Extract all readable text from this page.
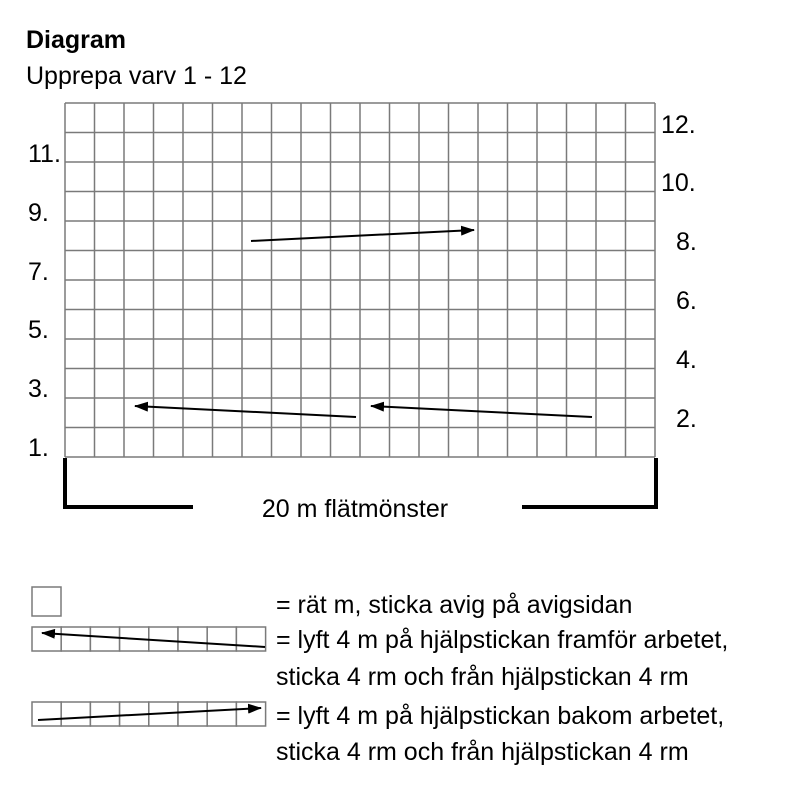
Diagram
Upprepa varv 1 - 12
12.
10.
8.
6.
4.
2.
11.
9.
7.
5.
3.
1.
20 m flätmönster
= rät m, sticka avig på avigsidan
= lyft 4 m på hjälpstickan framför arbetet,
sticka 4 rm och från hjälpstickan 4 rm
= lyft 4 m på hjälpstickan bakom arbetet,
sticka 4 rm och från hjälpstickan 4 rm
